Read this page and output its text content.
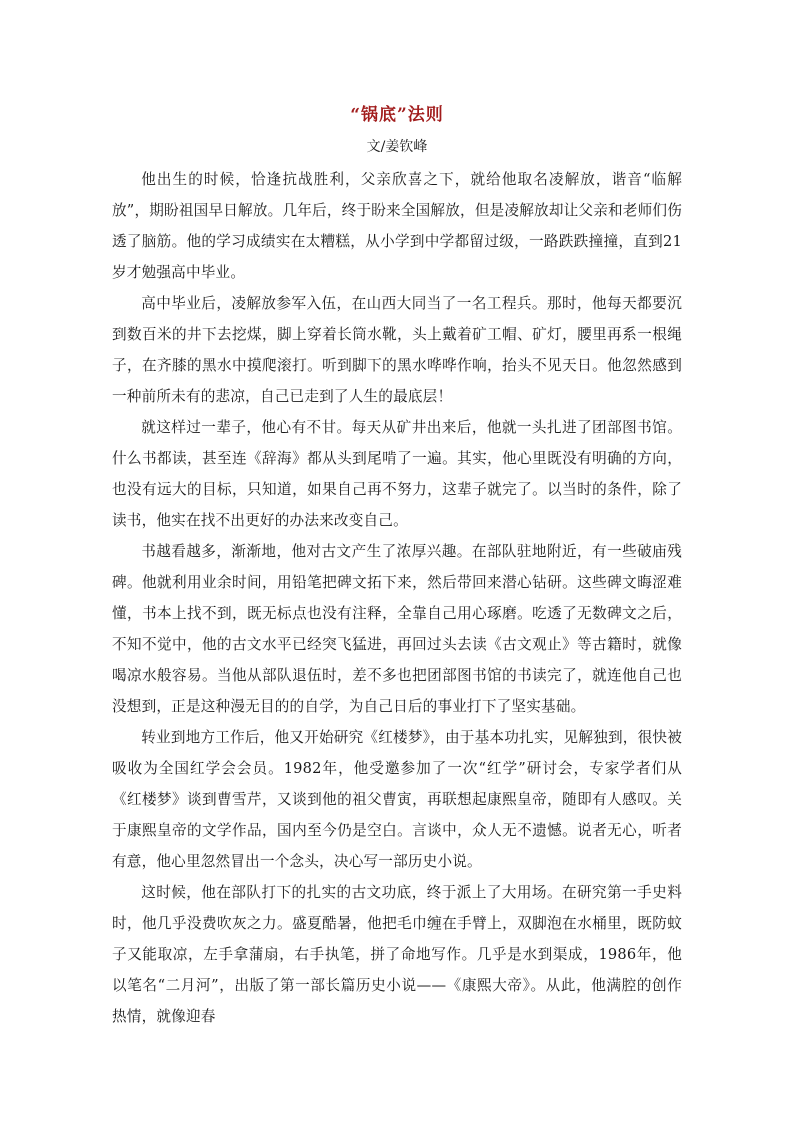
“锅底”法则
文/姜钦峰

他出生的时候，恰逢抗战胜利，父亲欣喜之下，就给他取名凌解放，谐音“临解放”，期盼祖国早日解放。几年后，终于盼来全国解放，但是凌解放却让父亲和老师们伤透了脑筋。他的学习成绩实在太糟糕，从小学到中学都留过级，一路跌跌撞撞，直到21岁才勉强高中毕业。

高中毕业后，凌解放参军入伍，在山西大同当了一名工程兵。那时，他每天都要沉到数百米的井下去挖煤，脚上穿着长筒水靴，头上戴着矿工帽、矿灯，腰里再系一根绳子，在齐膝的黑水中摸爬滚打。听到脚下的黑水哗哗作响，抬头不见天日。他忽然感到一种前所未有的悲凉，自己已走到了人生的最底层！

就这样过一辈子，他心有不甘。每天从矿井出来后，他就一头扎进了团部图书馆。什么书都读，甚至连《辞海》都从头到尾啃了一遍。其实，他心里既没有明确的方向，也没有远大的目标，只知道，如果自己再不努力，这辈子就完了。以当时的条件，除了读书，他实在找不出更好的办法来改变自己。

书越看越多，渐渐地，他对古文产生了浓厚兴趣。在部队驻地附近，有一些破庙残碑。他就利用业余时间，用铅笔把碑文拓下来，然后带回来潜心钻研。这些碑文晦涩难懂，书本上找不到，既无标点也没有注释，全靠自己用心琢磨。吃透了无数碑文之后，不知不觉中，他的古文水平已经突飞猛进，再回过头去读《古文观止》等古籍时，就像喝凉水般容易。当他从部队退伍时，差不多也把团部图书馆的书读完了，就连他自己也没想到，正是这种漫无目的的自学，为自己日后的事业打下了坚实基础。

转业到地方工作后，他又开始研究《红楼梦》，由于基本功扎实，见解独到，很快被吸收为全国红学会会员。1982年，他受邀参加了一次“红学”研讨会，专家学者们从《红楼梦》谈到曹雪芹，又谈到他的祖父曹寅，再联想起康熙皇帝，随即有人感叹。关于康熙皇帝的文学作品，国内至今仍是空白。言谈中，众人无不遗憾。说者无心，听者有意，他心里忽然冒出一个念头，决心写一部历史小说。

这时候，他在部队打下的扎实的古文功底，终于派上了大用场。在研究第一手史料时，他几乎没费吹灰之力。盛夏酷暑，他把毛巾缠在手臂上，双脚泡在水桶里，既防蚊子又能取凉，左手拿蒲扇，右手执笔，拼了命地写作。几乎是水到渠成，1986年，他以笔名“二月河”，出版了第一部长篇历史小说——《康熙大帝》。从此，他满腔的创作热情，就像迎春
